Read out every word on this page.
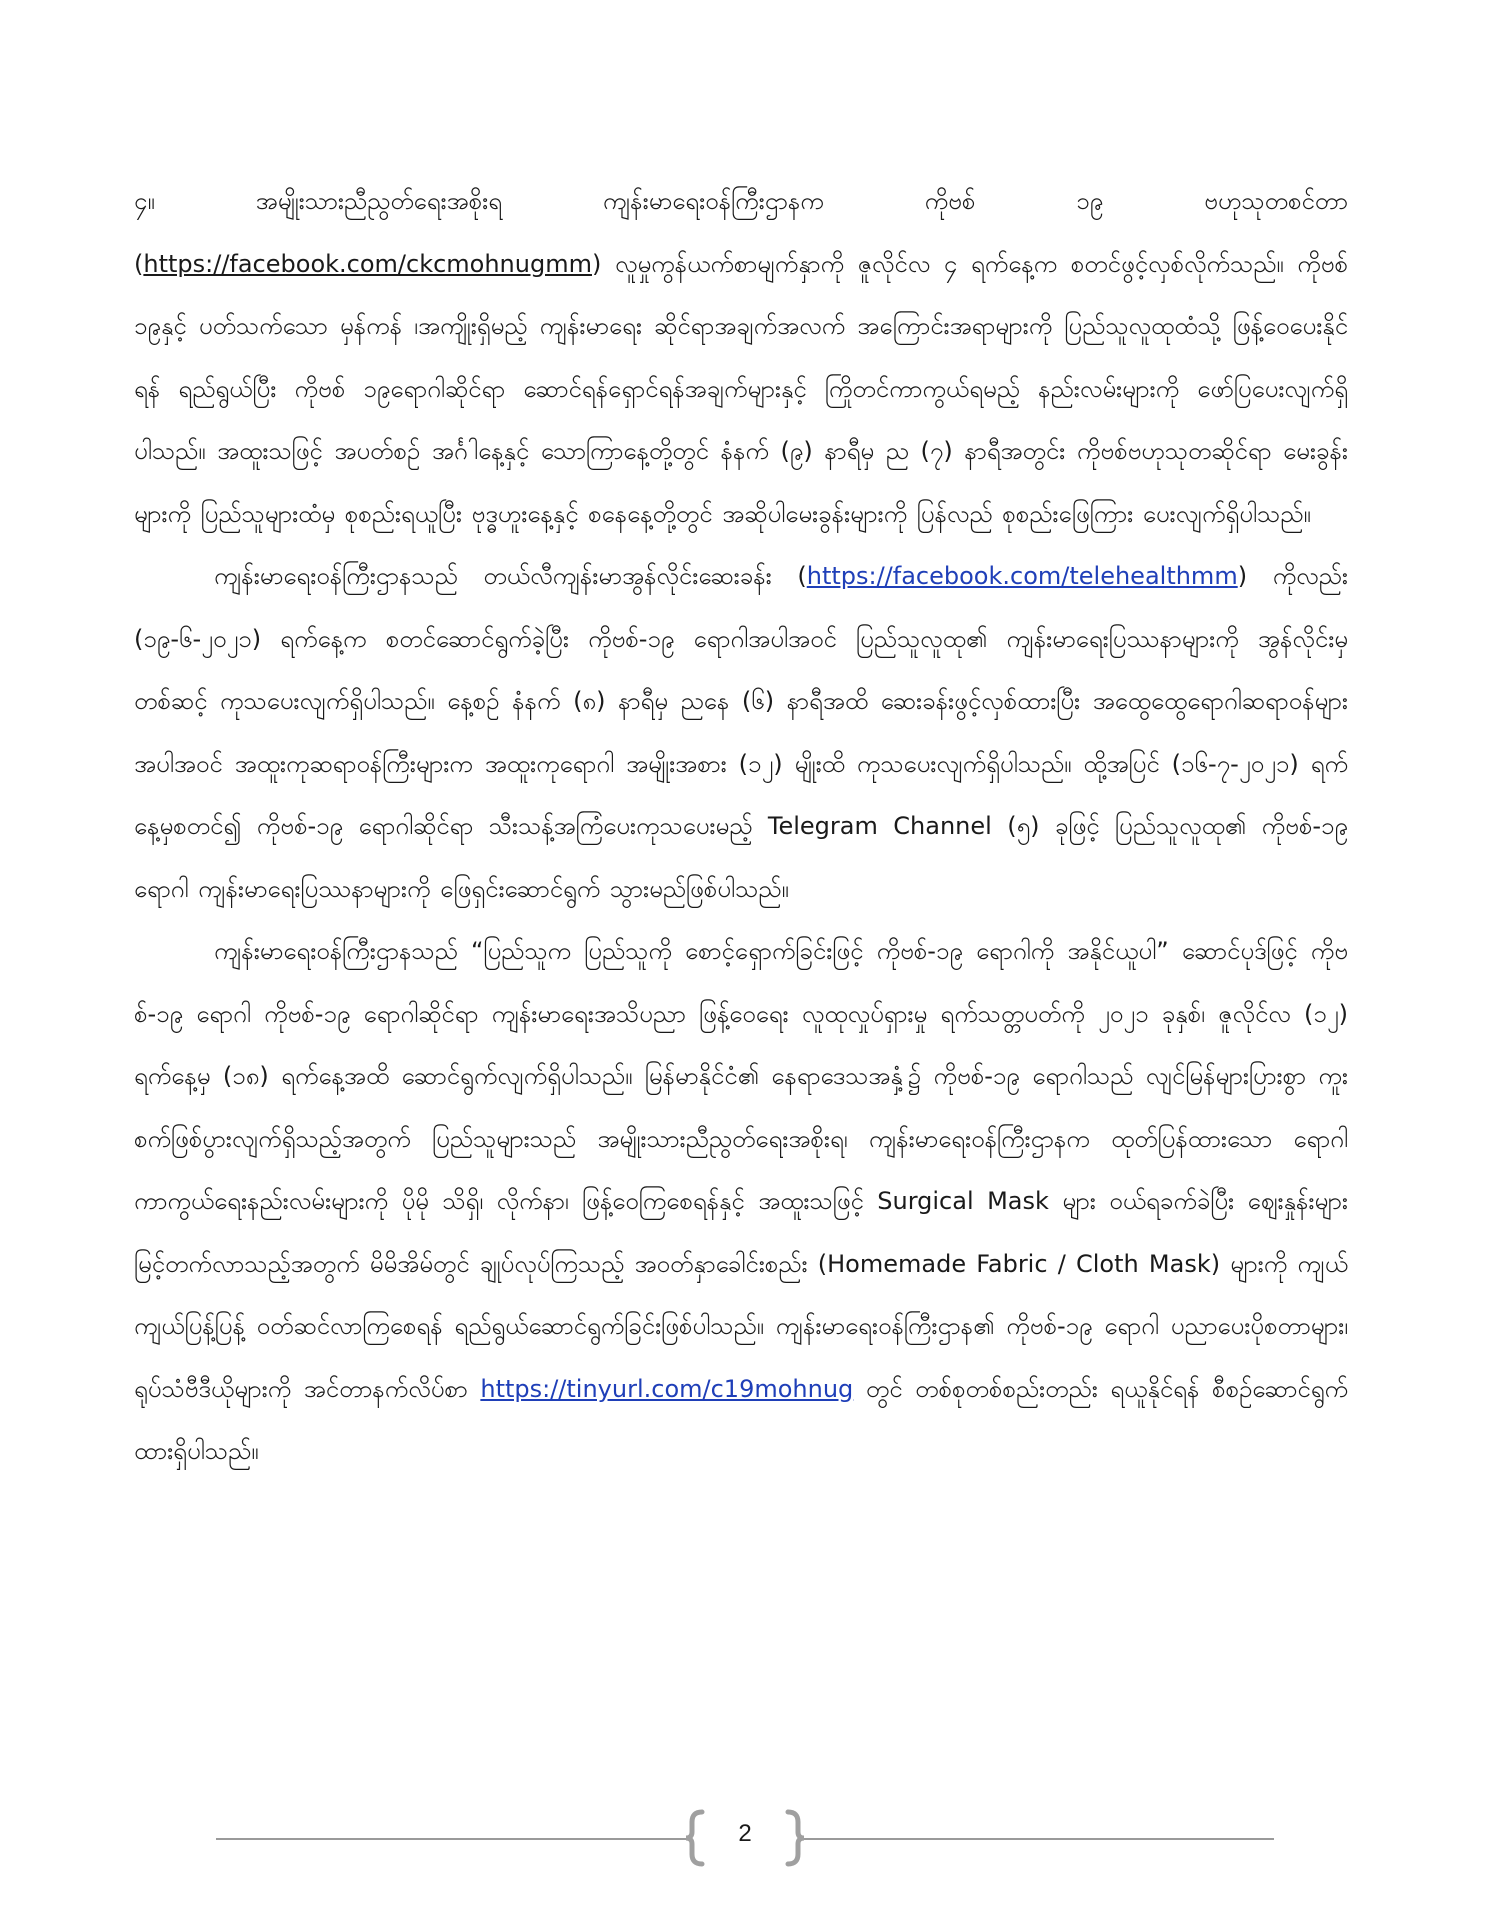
၄။ အမျိုးသားညီညွတ်ရေးအစိုးရ ကျန်းမာရေးဝန်ကြီးဌာနက ကိုဗစ် ၁၉ ဗဟုသုတစင်တာ (https://facebook.com/ckcmohnugmm) လူမှုကွန်ယက်စာမျက်နှာကို ဇူလိုင်လ ၄ ရက်နေ့က စတင်ဖွင့်လှစ်လိုက်သည်။ ကိုဗစ် ၁၉နှင့် ပတ်သက်သော မှန်ကန် ၊အကျိုးရှိမည့် ကျန်းမာရေး ဆိုင်ရာအချက်အလက် အကြောင်းအရာများကို ပြည်သူလူထုထံသို့ ဖြန့်ဝေပေးနိုင်ရန် ရည်ရွယ်ပြီး ကိုဗစ် ၁၉ရောဂါဆိုင်ရာ ဆောင်ရန်ရှောင်ရန်အချက်များနှင့် ကြိုတင်ကာကွယ်ရမည့် နည်းလမ်းများကို ဖော်ပြပေးလျက်ရှိပါသည်။ အထူးသဖြင့် အပတ်စဉ် အင်္ဂါနေ့နှင့် သောကြာနေ့တို့တွင် နံနက် (၉) နာရီမှ ည (၇) နာရီအတွင်း ကိုဗစ်ဗဟုသုတဆိုင်ရာ မေးခွန်းများကို ပြည်သူများထံမှ စုစည်းရယူပြီး ဗုဒ္ဓဟူးနေ့နှင့် စနေနေ့တို့တွင် အဆိုပါမေးခွန်းများကို ပြန်လည် စုစည်းဖြေကြား ပေးလျက်ရှိပါသည်။

ကျန်းမာရေးဝန်ကြီးဌာနသည် တယ်လီကျန်းမာအွန်လိုင်းဆေးခန်း (https://facebook.com/telehealthmm) ကိုလည်း (၁၉-၆-၂၀၂၁) ရက်နေ့က စတင်ဆောင်ရွက်ခဲ့ပြီး ကိုဗစ်-၁၉ ရောဂါအပါအဝင် ပြည်သူလူထု၏ ကျန်းမာရေးပြဿနာများကို အွန်လိုင်းမှတစ်ဆင့် ကုသပေးလျက်ရှိပါသည်။ နေ့စဉ် နံနက် (၈) နာရီမှ ညနေ (၆) နာရီအထိ ဆေးခန်းဖွင့်လှစ်ထားပြီး အထွေထွေရောဂါဆရာဝန်များအပါအဝင် အထူးကုဆရာဝန်ကြီးများက အထူးကုရောဂါ အမျိုးအစား (၁၂) မျိုးထိ ကုသပေးလျက်ရှိပါသည်။ ထို့အပြင် (၁၆-၇-၂၀၂၁) ရက်နေ့မှစတင်၍ ကိုဗစ်-၁၉ ရောဂါဆိုင်ရာ သီးသန့်အကြံပေးကုသပေးမည့် Telegram Channel (၅) ခုဖြင့် ပြည်သူလူထု၏ ကိုဗစ်-၁၉ ရောဂါ ကျန်းမာရေးပြဿနာများကို ဖြေရှင်းဆောင်ရွက် သွားမည်ဖြစ်ပါသည်။

ကျန်းမာရေးဝန်ကြီးဌာနသည် “ပြည်သူက ပြည်သူကို စောင့်ရှောက်ခြင်းဖြင့် ကိုဗစ်-၁၉ ရောဂါကို အနိုင်ယူပါ” ဆောင်ပုဒ်ဖြင့် ကိုဗစ်-၁၉ ရောဂါ ကိုဗစ်-၁၉ ရောဂါဆိုင်ရာ ကျန်းမာရေးအသိပညာ ဖြန့်ဝေရေး လူထုလှုပ်ရှားမှု ရက်သတ္တပတ်ကို ၂၀၂၁ ခုနှစ်၊ ဇူလိုင်လ (၁၂) ရက်နေ့မှ (၁၈) ရက်နေ့အထိ ဆောင်ရွက်လျက်ရှိပါသည်။ မြန်မာနိုင်ငံ၏ နေရာဒေသအနှံ့၌ ကိုဗစ်-၁၉ ရောဂါသည် လျင်မြန်များပြားစွာ ကူးစက်ဖြစ်ပွားလျက်ရှိသည့်အတွက် ပြည်သူများသည် အမျိုးသားညီညွတ်ရေးအစိုးရ၊ ကျန်းမာရေးဝန်ကြီးဌာနက ထုတ်ပြန်ထားသော ရောဂါကာကွယ်ရေးနည်းလမ်းများကို ပိုမို သိရှိ၊ လိုက်နာ၊ ဖြန့်ဝေကြစေရန်နှင့် အထူးသဖြင့် Surgical Mask များ ဝယ်ရခက်ခဲပြီး ဈေးနှုန်းများ မြင့်တက်လာသည့်အတွက် မိမိအိမ်တွင် ချုပ်လုပ်ကြသည့် အဝတ်နှာခေါင်းစည်း (Homemade Fabric / Cloth Mask) များကို ကျယ်ကျယ်ပြန့်ပြန့် ဝတ်ဆင်လာကြစေရန် ရည်ရွယ်ဆောင်ရွက်ခြင်းဖြစ်ပါသည်။ ကျန်းမာရေးဝန်ကြီးဌာန၏ ကိုဗစ်-၁၉ ရောဂါ ပညာပေးပိုစတာများ၊ ရုပ်သံဗီဒီယိုများကို အင်တာနက်လိပ်စာ https://tinyurl.com/c19mohnug တွင် တစ်စုတစ်စည်းတည်း ရယူနိုင်ရန် စီစဉ်ဆောင်ရွက်ထားရှိပါသည်။

2
